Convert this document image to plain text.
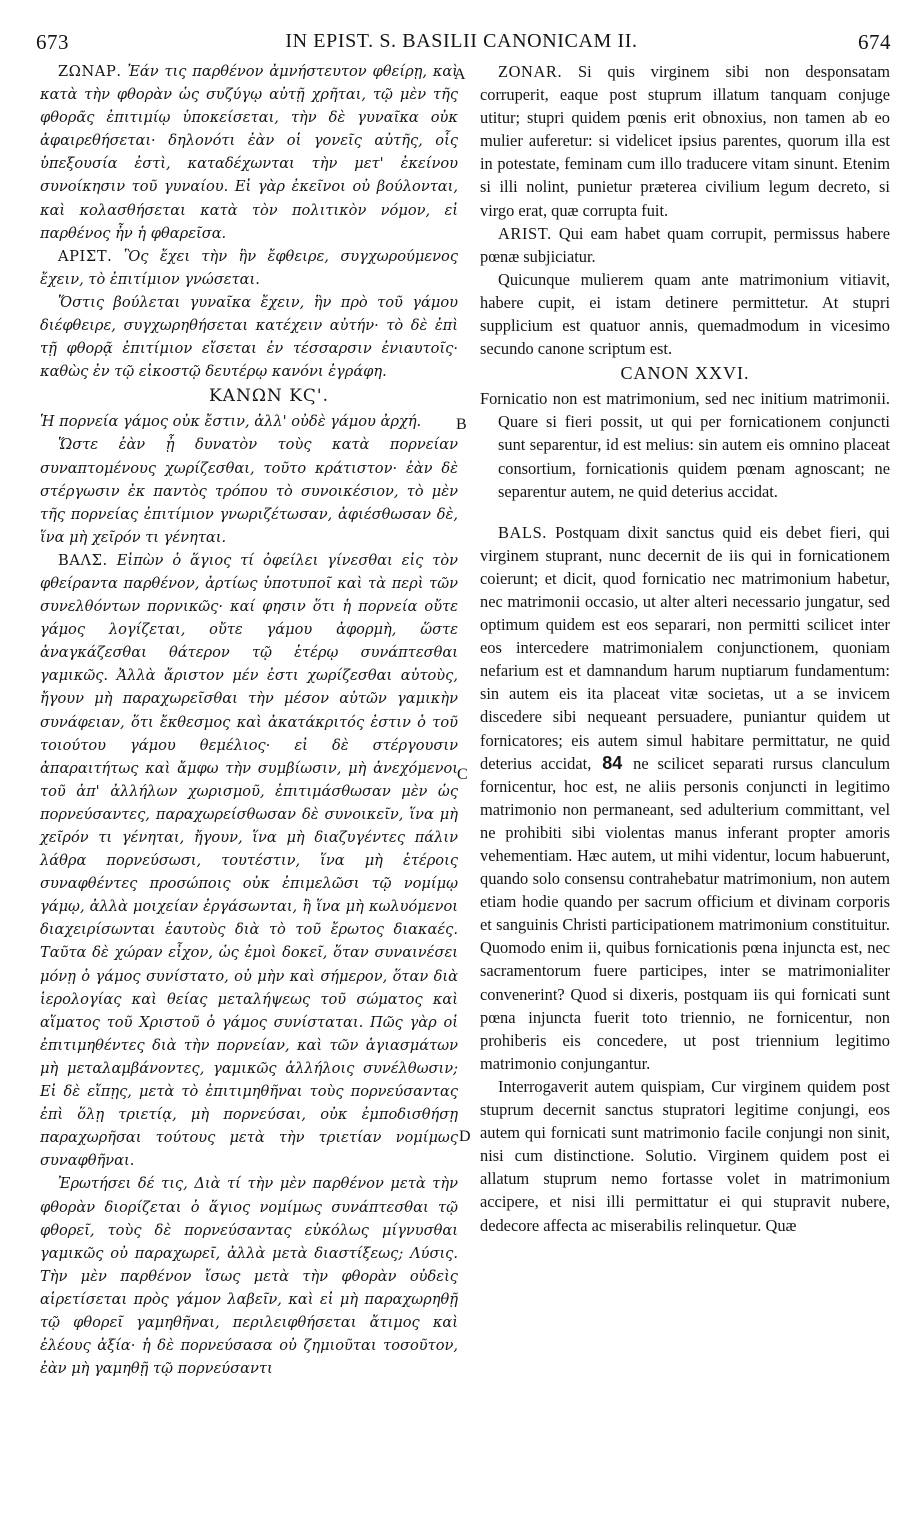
673	IN EPIST. S. BASILII CANONICAM II.	674
A
B
C
D

ΖΩΝΑΡ. Ἐάν τις παρθένον ἀμνήστευτον φθείρῃ, καὶ κατὰ τὴν φθορὰν ὡς συζύγῳ αὐτῇ χρῆται, τῷ μὲν τῆς φθορᾶς ἐπιτιμίῳ ὑποκείσεται, τὴν δὲ γυναῖκα οὐκ ἀφαιρεθήσεται· δηλονότι ἐὰν οἱ γονεῖς αὐτῆς, οἷς ὑπεξουσία ἐστὶ, καταδέχωνται τὴν μετ' ἐκείνου συνοίκησιν τοῦ γυναίου. Εἰ γὰρ ἐκεῖνοι οὐ βούλονται, καὶ κολασθήσεται κατὰ τὸν πολιτικὸν νόμον, εἰ παρθένος ἦν ἡ φθαρεῖσα.

ΑΡΙΣΤ. Ὃς ἔχει τὴν ἣν ἔφθειρε, συγχωρούμενος ἔχειν, τὸ ἐπιτίμιον γνώσεται.

Ὅστις βούλεται γυναῖκα ἔχειν, ἣν πρὸ τοῦ γάμου διέφθειρε, συγχωρηθήσεται κατέχειν αὐτήν· τὸ δὲ ἐπὶ τῇ φθορᾷ ἐπιτίμιον εἴσεται ἐν τέσσαρσιν ἐνιαυτοῖς· καθὼς ἐν τῷ εἰκοστῷ δευτέρῳ κανόνι ἐγράφη.

ΚΑΝΩΝ ΚϚ'.

Ἡ πορνεία γάμος οὐκ ἔστιν, ἀλλ' οὐδὲ γάμου ἀρχή.

Ὥστε ἐὰν ᾖ δυνατὸν τοὺς κατὰ πορνείαν συναπτομένους χωρίζεσθαι, τοῦτο κράτιστον· ἐὰν δὲ στέργωσιν ἐκ παντὸς τρόπου τὸ συνοικέσιον, τὸ μὲν τῆς πορνείας ἐπιτίμιον γνωριζέτωσαν, ἀφιέσθωσαν δὲ, ἵνα μὴ χεῖρόν τι γένηται.

ΒΑΛΣ. Εἰπὼν ὁ ἅγιος τί ὀφείλει γίνεσθαι εἰς τὸν φθείραντα παρθένον, ἀρτίως ὑποτυποῖ καὶ τὰ περὶ τῶν συνελθόντων πορνικῶς· καί φησιν ὅτι ἡ πορνεία οὔτε γάμος λογίζεται, οὔτε γάμου ἀφορμὴ, ὥστε ἀναγκάζεσθαι θάτερον τῷ ἑτέρῳ συνάπτεσθαι γαμικῶς. Ἀλλὰ ἄριστον μέν ἐστι χωρίζεσθαι αὐτοὺς, ἤγουν μὴ παραχωρεῖσθαι τὴν μέσον αὐτῶν γαμικὴν συνάφειαν, ὅτι ἔκθεσμος καὶ ἀκατάκριτός ἐστιν ὁ τοῦ τοιούτου γάμου θεμέλιος· εἰ δὲ στέργουσιν ἀπαραιτήτως καὶ ἄμφω τὴν συμβίωσιν, μὴ ἀνεχόμενοι τοῦ ἀπ' ἀλλήλων χωρισμοῦ, ἐπιτιμάσθωσαν μὲν ὡς πορνεύσαντες, παραχωρείσθωσαν δὲ συνοικεῖν, ἵνα μὴ χεῖρόν τι γένηται, ἤγουν, ἵνα μὴ διαζυγέντες πάλιν λάθρα πορνεύσωσι, τουτέστιν, ἵνα μὴ ἑτέροις συναφθέντες προσώποις οὐκ ἐπιμελῶσι τῷ νομίμῳ γάμῳ, ἀλλὰ μοιχείαν ἐργάσωνται, ἢ ἵνα μὴ κωλυόμενοι διαχειρίσωνται ἑαυτοὺς διὰ τὸ τοῦ ἔρωτος διακαές. Ταῦτα δὲ χώραν εἶχον, ὡς ἐμοὶ δοκεῖ, ὅταν συναινέσει μόνῃ ὁ γάμος συνίστατο, οὐ μὴν καὶ σήμερον, ὅταν διὰ ἱερολογίας καὶ θείας μεταλήψεως τοῦ σώματος καὶ αἵματος τοῦ Χριστοῦ ὁ γάμος συνίσταται. Πῶς γὰρ οἱ ἐπιτιμηθέντες διὰ τὴν πορνείαν, καὶ τῶν ἁγιασμάτων μὴ μεταλαμβάνοντες, γαμικῶς ἀλλήλοις συνέλθωσιν; Εἰ δὲ εἴπῃς, μετὰ τὸ ἐπιτιμηθῆναι τοὺς πορνεύσαντας ἐπὶ ὅλῃ τριετίᾳ, μὴ πορνεύσαι, οὐκ ἐμποδισθήσῃ παραχωρῆσαι τούτους μετὰ τὴν τριετίαν νομίμως συναφθῆναι.

Ἐρωτήσει δέ τις, Διὰ τί τὴν μὲν παρθένον μετὰ τὴν φθορὰν διορίζεται ὁ ἅγιος νομίμως συνάπτεσθαι τῷ φθορεῖ, τοὺς δὲ πορνεύσαντας εὐκόλως μίγνυσθαι γαμικῶς οὐ παραχωρεῖ, ἀλλὰ μετὰ διαστίξεως; Λύσις. Τὴν μὲν παρθένον ἴσως μετὰ τὴν φθορὰν οὐδεὶς αἱρετίσεται πρὸς γάμον λαβεῖν, καὶ εἰ μὴ παραχωρηθῇ τῷ φθορεῖ γαμηθῆναι, περιλειφθήσεται ἄτιμος καὶ ἐλέους ἀξία· ἡ δὲ πορνεύσασα οὐ ζημιοῦται τοσοῦτον, ἐὰν μὴ γαμηθῇ τῷ πορνεύσαντι

ZONAR. Si quis virginem sibi non desponsatam corruperit, eaque post stuprum illatum tanquam conjuge utitur; stupri quidem pœnis erit obnoxius, non tamen ab eo mulier auferetur: si videlicet ipsius parentes, quorum illa est in potestate, feminam cum illo traducere vitam sinunt. Etenim si illi nolint, punietur præterea civilium legum decreto, si virgo erat, quæ corrupta fuit.

ARIST. Qui eam habet quam corrupit, permissus habere pœnæ subjiciatur.

Quicunque mulierem quam ante matrimonium vitiavit, habere cupit, ei istam detinere permittetur. At stupri supplicium est quatuor annis, quemadmodum in vicesimo secundo canone scriptum est.

CANON XXVI.

Fornicatio non est matrimonium, sed nec initium matrimonii. Quare si fieri possit, ut qui per fornicationem conjuncti sunt separentur, id est melius: sin autem eis omnino placeat consortium, fornicationis quidem pœnam agnoscant; ne separentur autem, ne quid deterius accidat.

BALS. Postquam dixit sanctus quid eis debet fieri, qui virginem stuprant, nunc decernit de iis qui in fornicationem coierunt; et dicit, quod fornicatio nec matrimonium habetur, nec matrimonii occasio, ut alter alteri necessario jungatur, sed optimum quidem est eos separari, non permitti scilicet inter eos intercedere matrimonialem conjunctionem, quoniam nefarium est et damnandum harum nuptiarum fundamentum: sin autem eis ita placeat vitæ societas, ut a se invicem discedere sibi nequeant persuadere, puniantur quidem ut fornicatores; eis autem simul habitare permittatur, ne quid deterius accidat, 84 ne scilicet separati rursus clanculum fornicentur, hoc est, ne aliis personis conjuncti in legitimo matrimonio non permaneant, sed adulterium committant, vel ne prohibiti sibi violentas manus inferant propter amoris vehementiam. Hæc autem, ut mihi videntur, locum habuerunt, quando solo consensu contrahebatur matrimonium, non autem etiam hodie quando per sacrum officium et divinam corporis et sanguinis Christi participationem matrimonium constituitur. Quomodo enim ii, quibus fornicationis pœna injuncta est, nec sacramentorum fuere participes, inter se matrimonialiter convenerint? Quod si dixeris, postquam iis qui fornicati sunt pœna injuncta fuerit toto triennio, ne fornicentur, non prohiberis eis concedere, ut post triennium legitimo matrimonio conjungantur.

Interrogaverit autem quispiam, Cur virginem quidem post stuprum decernit sanctus stupratori legitime conjungi, eos autem qui fornicati sunt matrimonio facile conjungi non sinit, nisi cum distinctione. Solutio. Virginem quidem post ei allatum stuprum nemo fortasse volet in matrimonium accipere, et nisi illi permittatur ei qui stupravit nubere, dedecore affecta ac miserabilis relinquetur. Quæ
